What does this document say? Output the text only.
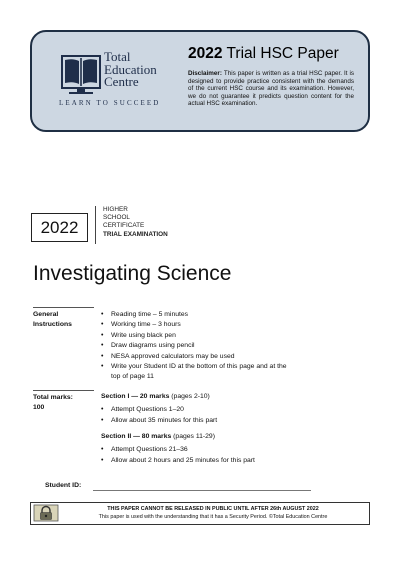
Total
Education
Centre
LEARN TO SUCCEED
2022 Trial HSC Paper
Disclaimer: This paper is written as a trial HSC paper. It is designed to provide practice consistent with the demands of the current HSC course and its examination. However, we do not guarantee it predicts question content for the actual HSC examination.
2022
HIGHER
SCHOOL
CERTIFICATE
TRIAL EXAMINATION
Investigating Science
General
Instructions
• Reading time – 5 minutes
• Working time – 3 hours
• Write using black pen
• Draw diagrams using pencil
• NESA approved calculators may be used
• Write your Student ID at the bottom of this page and at the
top of page 11
Total marks:
100
Section I — 20 marks (pages 2-10)
• Attempt Questions 1–20
• Allow about 35 minutes for this part
Section II — 80 marks (pages 11-29)
• Attempt Questions 21–36
• Allow about 2 hours and 25 minutes for this part
Student ID:
THIS PAPER CANNOT BE RELEASED IN PUBLIC UNTIL AFTER 26th AUGUST 2022
This paper is used with the understanding that it has a Security Period. ©Total Education Centre
